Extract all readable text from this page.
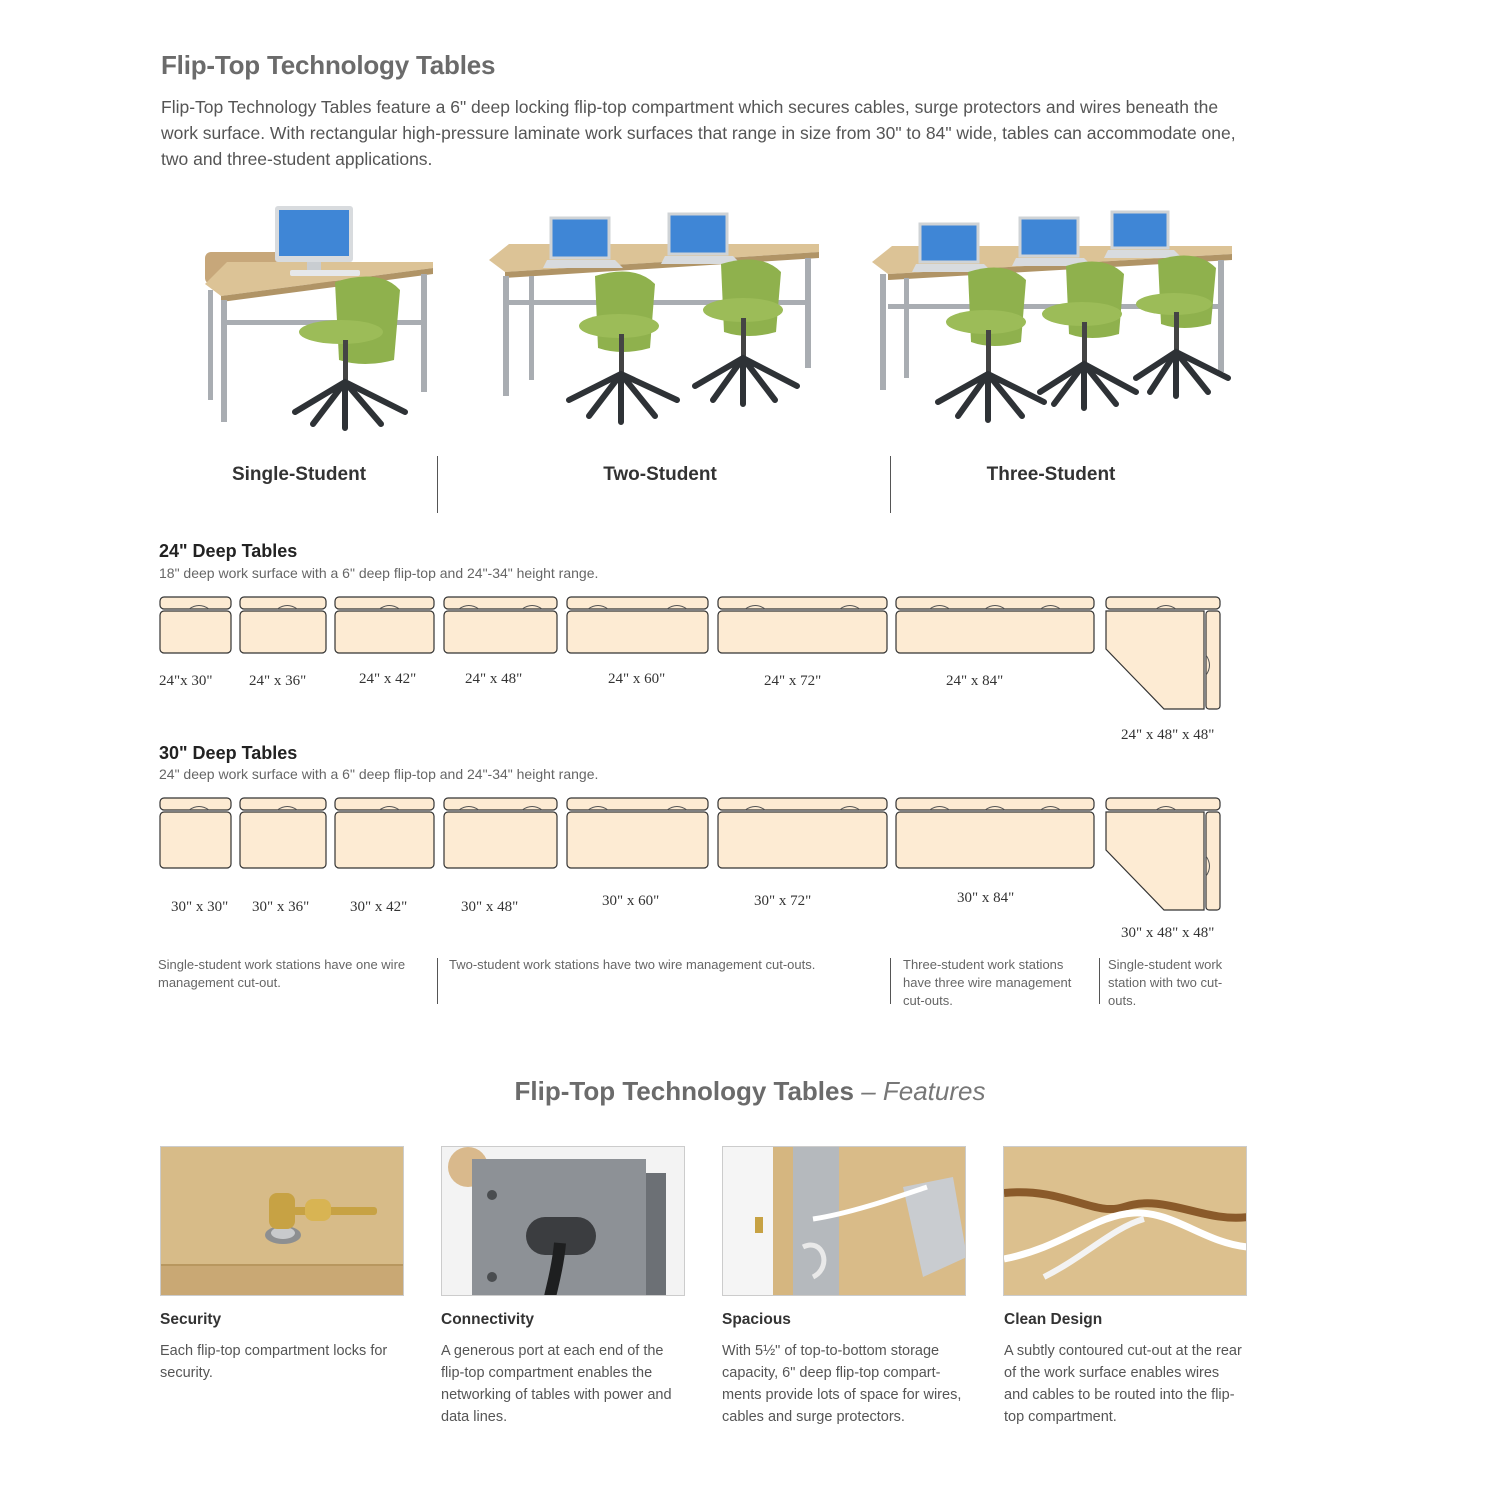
Flip-Top Technology Tables
Flip-Top Technology Tables feature a 6" deep locking flip-top compartment which secures cables, surge protectors and wires beneath the work surface. With rectangular high-pressure laminate work surfaces that range in size from 30" to 84" wide, tables can accommodate one, two and three-student applications.
Single-Student	Two-Student	Three-Student
24" Deep Tables
18" deep work surface with a 6" deep flip-top and 24"-34" height range.
24"x 30" 24" x 36"	24" x 42"	24" x 48"	24" x 60"	24" x 72"	24" x 84"
24" x 48" x 48"
30" Deep Tables
24" deep work surface with a 6" deep flip-top and 24"-34" height range.
30" x 30" 30" x 36"	30" x 42"	30" x 48"	30" x 60"	30" x 72"	30" x 84"
30" x 48" x 48"
Single-student work stations have one wire management cut-out.
Two-student work stations have two wire management cut-outs.	Three-student work stations have three wire management cut-outs.
Single-student work station with two cut-outs.
Flip-Top Technology Tables – Features
Security	Connectivity	Spacious	Clean Design
Each flip-top compartment locks for security.
A generous port at each end of the flip-top compartment enables the networking of tables with power and data lines.
With 5½" of top-to-bottom storage capacity, 6" deep flip-top compart-ments provide lots of space for wires, cables and surge protectors.
A subtly contoured cut-out at the rear of the work surface enables wires and cables to be routed into the flip-top compartment.
